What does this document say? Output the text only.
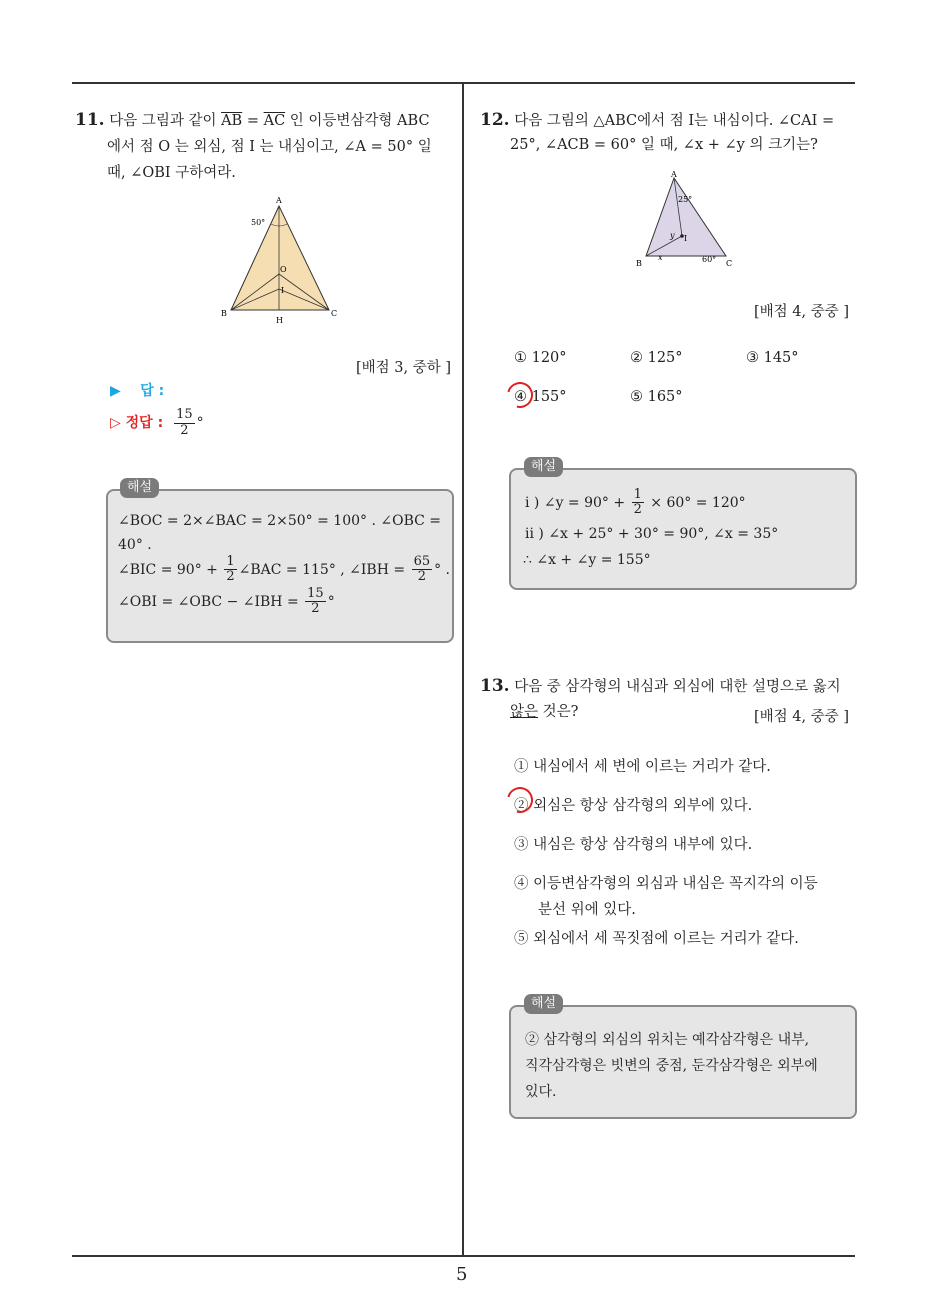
5
11. 다음 그림과 같이 $\overline{AB} = \overline{AC}$ 인 이등변삼각형 ABC
에서 점 O 는 외심, 점 I 는 내심이고, ∠A = 50° 일
때, ∠OBI 구하여라.
A
B	C
H
O
I
50°
[배점 3, 중하 ]
▶ 답 :
▷ 정답 : $\frac{15}{2}$ °
∠BOC = 2×∠BAC = 2×50° = 100° . ∠OBC =
40° .
∠BIC = $90^\circ + \frac{1}{2}$ ∠BAC = 115° , ∠IBH = $\frac{65}{2}$ ° .
∠OBI = ∠OBC − ∠IBH = $\frac{15}{2}$ °
해설
12. 다음 그림의 △ABC에서 점 I는 내심이다. ∠CAI =
25°, ∠ACB = 60° 일 때, ∠x + ∠y 의 크기는?
A
B	C
I
x
y
25°
60°
[배점 4, 중중 ]
① 120°	② 125°	③ 145°
④ 155°	⑤ 165°
i ) ∠y = $90^\circ + \frac{1}{2} \times 60^\circ = 120^\circ$
ii ) ∠x + 25° + 30° = 90°, ∠x = 35°
∴ ∠x + ∠y = 155°
해설
13. 다음 중 삼각형의 내심과 외심에 대한 설명으로 옳지
않은 것은?	[배점 4, 중중 ]
① 내심에서 세 변에 이르는 거리가 같다.
② 외심은 항상 삼각형의 외부에 있다.
③ 내심은 항상 삼각형의 내부에 있다.
④ 이등변삼각형의 외심과 내심은 꼭지각의 이등
분선 위에 있다.
⑤ 외심에서 세 꼭짓점에 이르는 거리가 같다.
② 삼각형의 외심의 위치는 예각삼각형은 내부,
직각삼각형은 빗변의 중점, 둔각삼각형은 외부에
있다.
해설
